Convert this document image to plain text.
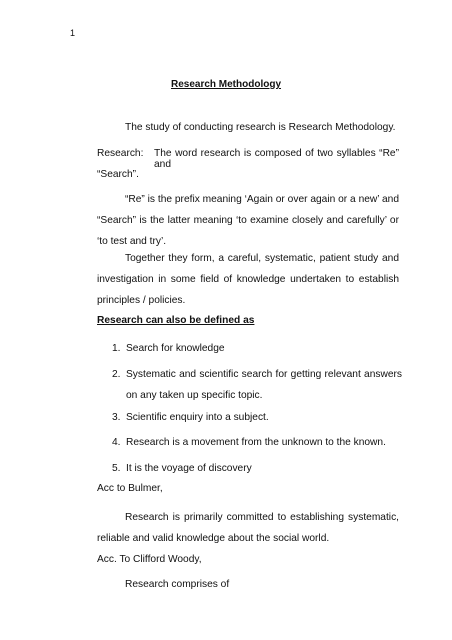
1
Research Methodology
The study of conducting research is Research Methodology.
Research: The word research is composed of two syllables “Re” and
“Search”.

“Re” is the prefix meaning ‘Again or over again or a new’ and “Search” is the latter meaning ‘to examine closely and carefully’ or ‘to test and try’.

Together they form, a careful, systematic, patient study and investigation in some field of knowledge undertaken to establish principles / policies.

Research can also be defined as
1. Search for knowledge
2. Systematic and scientific search for getting relevant answers on any taken up specific topic.
3. Scientific enquiry into a subject.
4. Research is a movement from the unknown to the known.
5. It is the voyage of discovery
Acc to Bulmer,

Research is primarily committed to establishing systematic, reliable and valid knowledge about the social world.

Acc. To Clifford Woody,
Research comprises of
